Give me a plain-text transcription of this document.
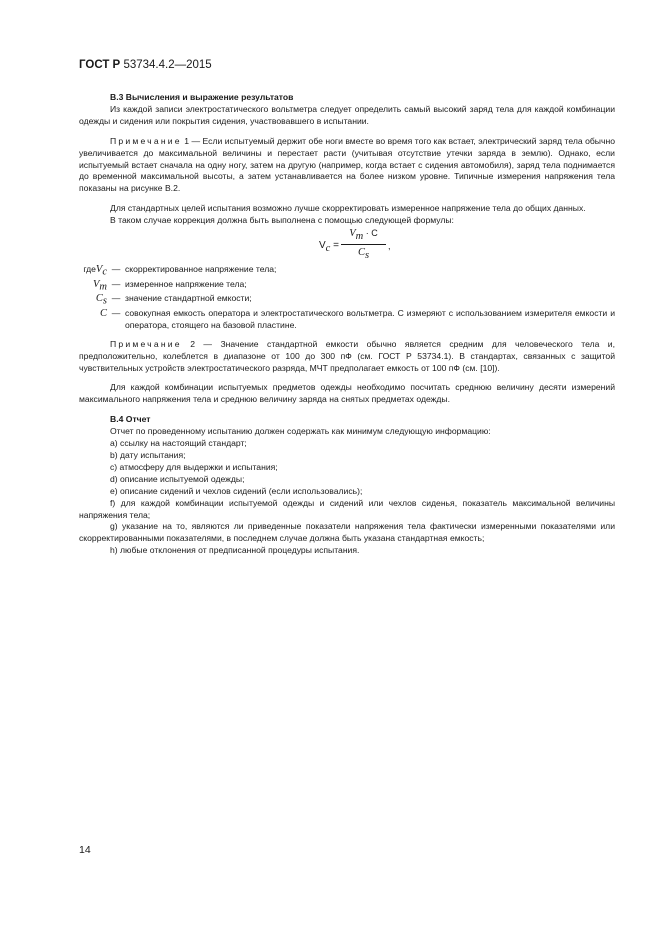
ГОСТ Р 53734.4.2—2015

В.3 Вычисления и выражение результатов

Из каждой записи электростатического вольтметра следует определить самый высокий заряд тела для каждой комбинации одежды и сидения или покрытия сидения, участвовавшего в испытании.

Примечание 1 — Если испытуемый держит обе ноги вместе во время того как встает, электрический заряд тела обычно увеличивается до максимальной величины и перестает расти (учитывая отсутствие утечки заряда в землю). Однако, если испытуемый встает сначала на одну ногу, затем на другую (например, когда встает с сидения автомобиля), заряд тела поднимается до временной максимальной высоты, а затем устанавливается на более низком уровне. Типичные измерения напряжения тела показаны на рисунке В.2.

Для стандартных целей испытания возможно лучше скорректировать измеренное напряжение тела до общих данных.

В таком случае коррекция должна быть выполнена с помощью следующей формулы:

$V_c = \frac{V_m \cdot C}{C_s}$ ,
гдеV$_c$ — скорректированное напряжение тела;
$V_m$ — измеренное напряжение тела;
$C_s$ — значение стандартной емкости;
C — совокупная емкость оператора и электростатического вольтметра. С измеряют с использованием измерителя емкости и оператора, стоящего на базовой пластине.

Примечание 2 — Значение стандартной емкости обычно является средним для человеческого тела и, предположительно, колеблется в диапазоне от 100 до 300 пФ (см. ГОСТ Р 53734.1). В стандартах, связанных с защитой чувствительных устройств электростатического разряда, МЧТ предполагает емкость от 100 пФ (см. [10]).

Для каждой комбинации испытуемых предметов одежды необходимо посчитать среднюю величину десяти измерений максимального напряжения тела и среднюю величину заряда на снятых предметах одежды.

В.4 Отчет

Отчет по проведенному испытанию должен содержать как минимум следующую информацию:

a) ссылку на настоящий стандарт;

b) дату испытания;

c) атмосферу для выдержки и испытания;

d) описание испытуемой одежды;

e) описание сидений и чехлов сидений (если использовались);

f) для каждой комбинации испытуемой одежды и сидений или чехлов сиденья, показатель максимальной величины напряжения тела;

g) указание на то, являются ли приведенные показатели напряжения тела фактически измеренными показателями или скорректированными показателями, в последнем случае должна быть указана стандартная емкость;

h) любые отклонения от предписанной процедуры испытания.

14
